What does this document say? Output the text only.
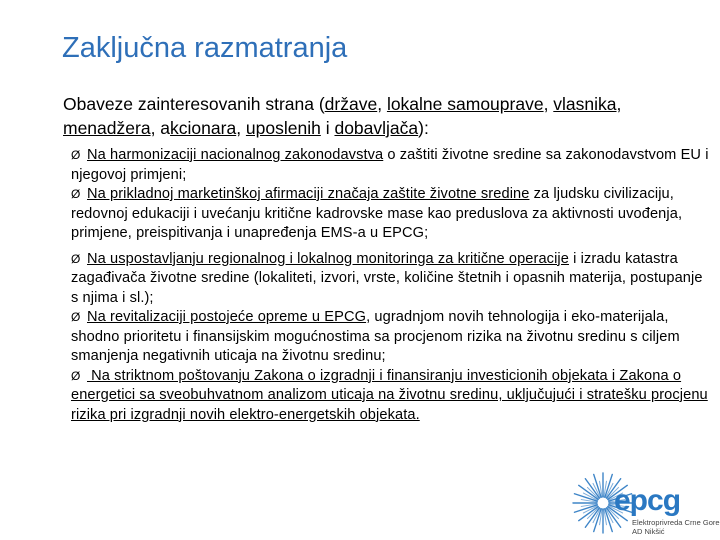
Zaključna razmatranja
Obaveze zainteresovanih strana (države, lokalne samouprave, vlasnika,
menadžera, akcionara, uposlenih i dobavljača):

Ø Na harmonizaciji nacionalnog zakonodavstva o zaštiti životne sredine sa zakonodavstvom EU i njegovoj primjeni;

Ø Na prikladnoj marketinškoj afirmaciji značaja zaštite životne sredine za ljudsku civilizaciju, redovnoj edukaciji i uvećanju kritične kadrovske mase kao preduslova za aktivnosti uvođenja, primjene, preispitivanja i unapređenja EMS-a u EPCG;

Ø Na uspostavljanju regionalnog i lokalnog monitoringa za kritične operacije i izradu katastra zagađivača životne sredine (lokaliteti, izvori, vrste, količine štetnih i opasnih materija, postupanje s njima i sl.);

Ø Na revitalizaciji postojeće opreme u EPCG, ugradnjom novih tehnologija i eko-materijala, shodno prioritetu i finansijskim mogućnostima sa procjenom rizika na životnu sredinu s ciljem smanjenja negativnih uticaja na životnu sredinu;

Ø Na striktnom poštovanju Zakona o izgradnji i finansiranju investicionih objekata i Zakona o energetici sa sveobuhvatnom analizom uticaja na životnu sredinu, uključujući i stratešku procjenu rizika pri izgradnji novih elektro-energetskih objekata.

epcg
Elektroprivreda Crne Gore
AD Nikšić
